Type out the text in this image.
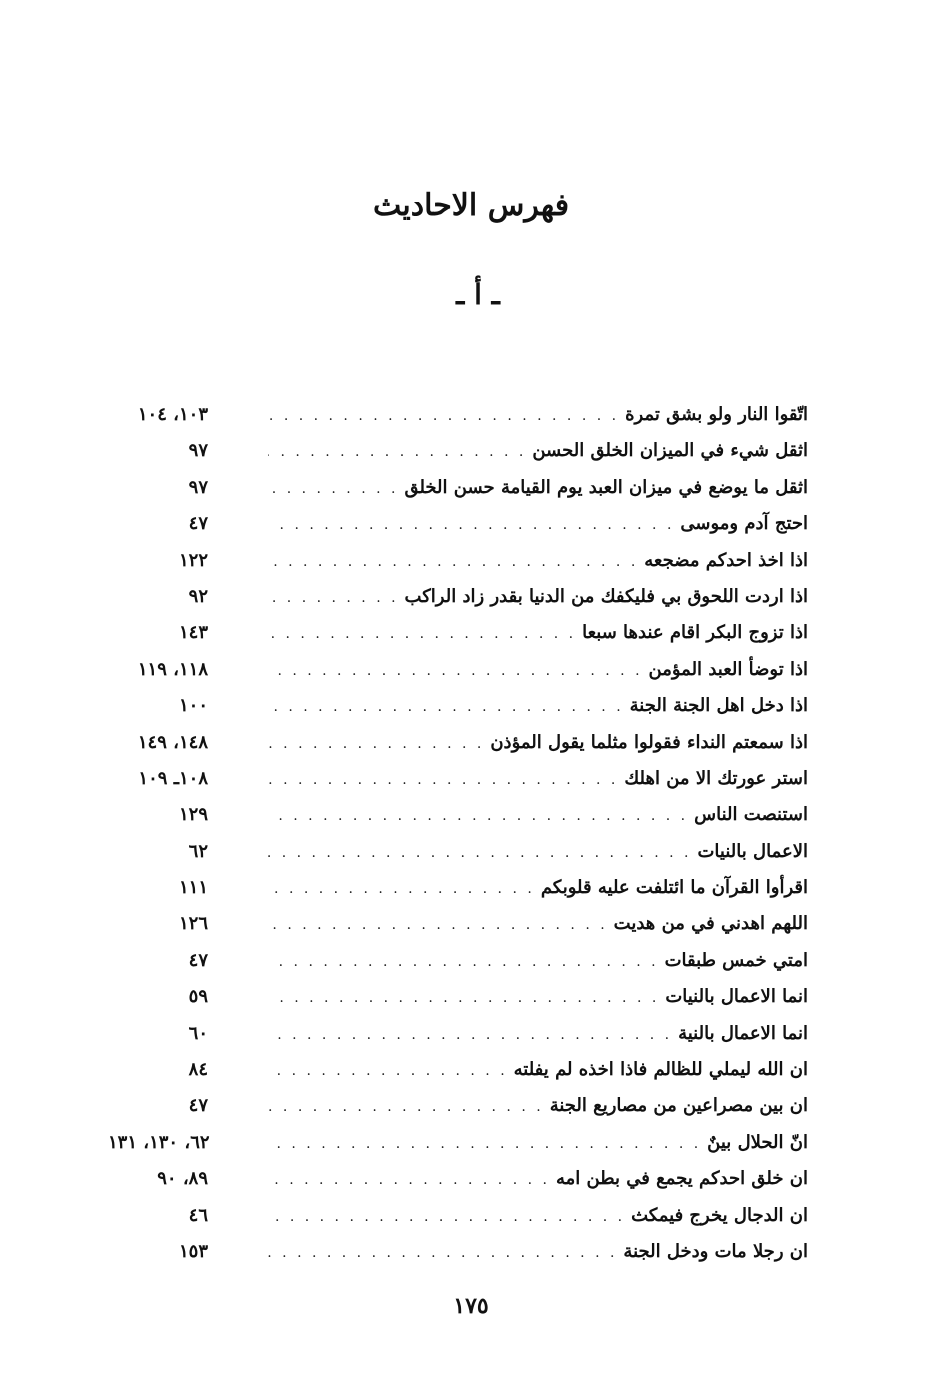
فهرس الاحاديث
ـ أ ـ
اتّقوا النار ولو بشق تمرة
. . .
١٠٣، ١٠٤
اثقل شيء في الميزان الخلق الحسن
. . .
٩٧
اثقل ما يوضع في ميزان العبد يوم القيامة حسن الخلق
. . .
٩٧
احتج آدم وموسى
. . .
٤٧
اذا اخذ احدكم مضجعه
. . .
١٢٢
اذا اردت اللحوق بي فليكفك من الدنيا بقدر زاد الراكب
. . .
٩٢
اذا تزوج البكر اقام عندها سبعا
. . .
١٤٣
اذا توضأ العبد المؤمن
. . .
١١٨، ١١٩
اذا دخل اهل الجنة الجنة
. . .
١٠٠
اذا سمعتم النداء فقولوا مثلما يقول المؤذن
. . .
١٤٨، ١٤٩
استر عورتك الا من اهلك
. . .
١٠٨ـ ١٠٩
استنصت الناس
. . .
١٢٩
الاعمال بالنيات
. . .
٦٢
اقرأوا القرآن ما ائتلفت عليه قلوبكم
. . .
١١١
اللهم اهدني في من هديت
. . .
١٢٦
امتي خمس طبقات
. . .
٤٧
انما الاعمال بالنيات
. . .
٥٩
انما الاعمال بالنية
. . .
٦٠
ان الله ليملي للظالم فاذا اخذه لم يفلته
. . .
٨٤
ان بين مصراعين من مصاريع الجنة
. . .
٤٧
انّ الحلال بينٌ
. . .
٦٢، ١٣٠، ١٣١
ان خلق احدكم يجمع في بطن امه
. . .
٨٩، ٩٠
ان الدجال يخرج فيمكث
. . .
٤٦
ان رجلا مات ودخل الجنة
. . .
١٥٣
١٧٥
